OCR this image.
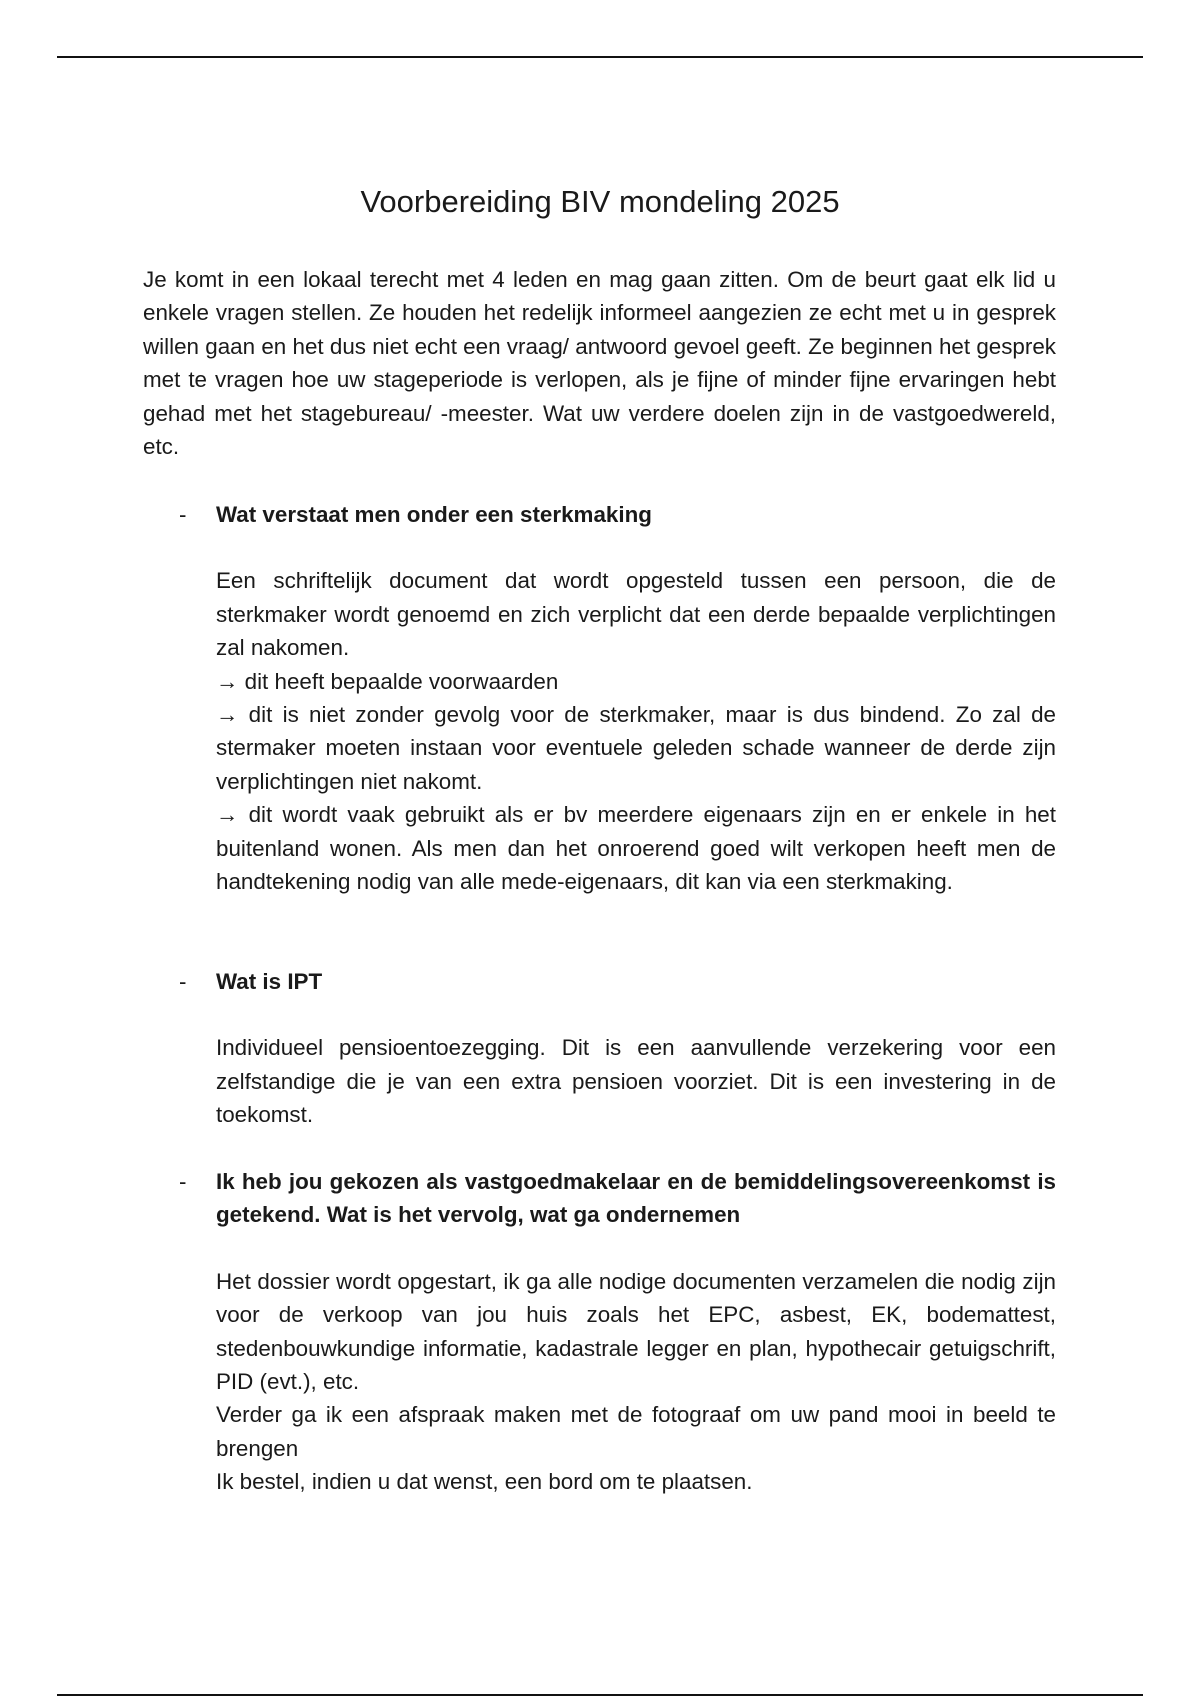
Voorbereiding BIV mondeling 2025

Je komt in een lokaal terecht met 4 leden en mag gaan zitten. Om de beurt gaat elk lid u enkele vragen stellen. Ze houden het redelijk informeel aangezien ze echt met u in gesprek willen gaan en het dus niet echt een vraag/ antwoord gevoel geeft. Ze beginnen het gesprek met te vragen hoe uw stageperiode is verlopen, als je fijne of minder fijne ervaringen hebt gehad met het stagebureau/ -meester. Wat uw verdere doelen zijn in de vastgoedwereld, etc.

- Wat verstaat men onder een sterkmaking

Een schriftelijk document dat wordt opgesteld tussen een persoon, die de sterkmaker wordt genoemd en zich verplicht dat een derde bepaalde verplichtingen zal nakomen.

→ dit heeft bepaalde voorwaarden

→ dit is niet zonder gevolg voor de sterkmaker, maar is dus bindend. Zo zal de stermaker moeten instaan voor eventuele geleden schade wanneer de derde zijn verplichtingen niet nakomt.

→ dit wordt vaak gebruikt als er bv meerdere eigenaars zijn en er enkele in het buitenland wonen. Als men dan het onroerend goed wilt verkopen heeft men de handtekening nodig van alle mede-eigenaars, dit kan via een sterkmaking.

- Wat is IPT

Individueel pensioentoezegging. Dit is een aanvullende verzekering voor een zelfstandige die je van een extra pensioen voorziet. Dit is een investering in de toekomst.

- Ik heb jou gekozen als vastgoedmakelaar en de bemiddelingsovereenkomst is getekend. Wat is het vervolg, wat ga ondernemen

Het dossier wordt opgestart, ik ga alle nodige documenten verzamelen die nodig zijn voor de verkoop van jou huis zoals het EPC, asbest, EK, bodemattest, stedenbouwkundige informatie, kadastrale legger en plan, hypothecair getuigschrift, PID (evt.), etc.

Verder ga ik een afspraak maken met de fotograaf om uw pand mooi in beeld te brengen

Ik bestel, indien u dat wenst, een bord om te plaatsen.
